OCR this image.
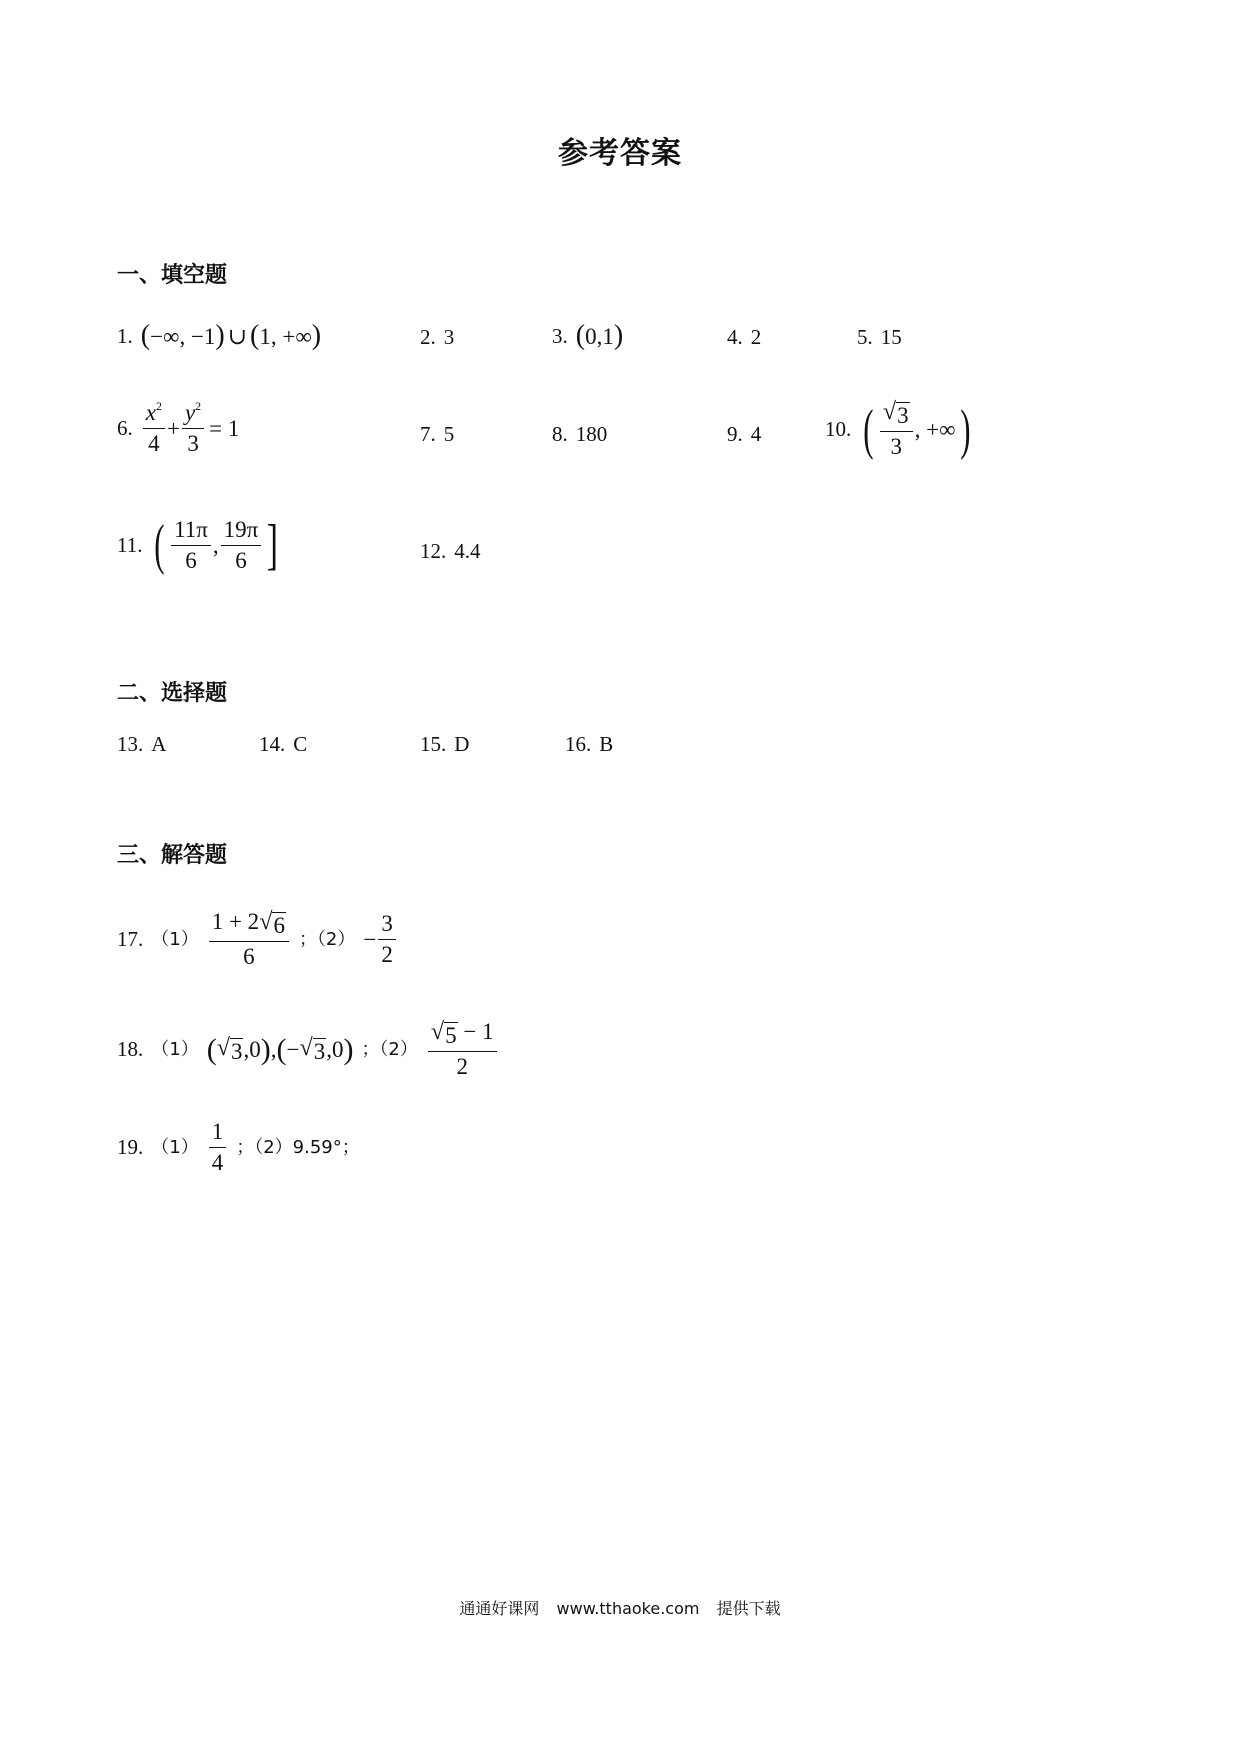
参考答案
一、填空题
1. ( −∞, −1 ) ∪ ( 1, +∞ )	2. 3	3. ( 0,1 )	4. 2	5. 15
6. $\frac{x^2}{4} + \frac{y^2}{3} = 1$	7. 5	8. 180	9. 4	10. ( $\frac{√ 3}{3}$ , +∞ )
11. ( $\frac{11\pi}{6}$ , $\frac{19\pi}{6}$ ]	12. 4.4
二、选择题
13. A	14. C	15. D	16. B
三、解答题
17. $(1) \frac{1 + 2 √ 6}{6}$ ；$(2) - \frac{3}{2}$
18. （1） ( √ 3 , 0 ) , ( − √ 3 , 0 ) ；$(2) \frac{√ 5 - 1}{2}$
19. $(1) \frac{1}{4}$ ；（2）9.59°；
通通好课网 www.tthaoke.com 提供下载
